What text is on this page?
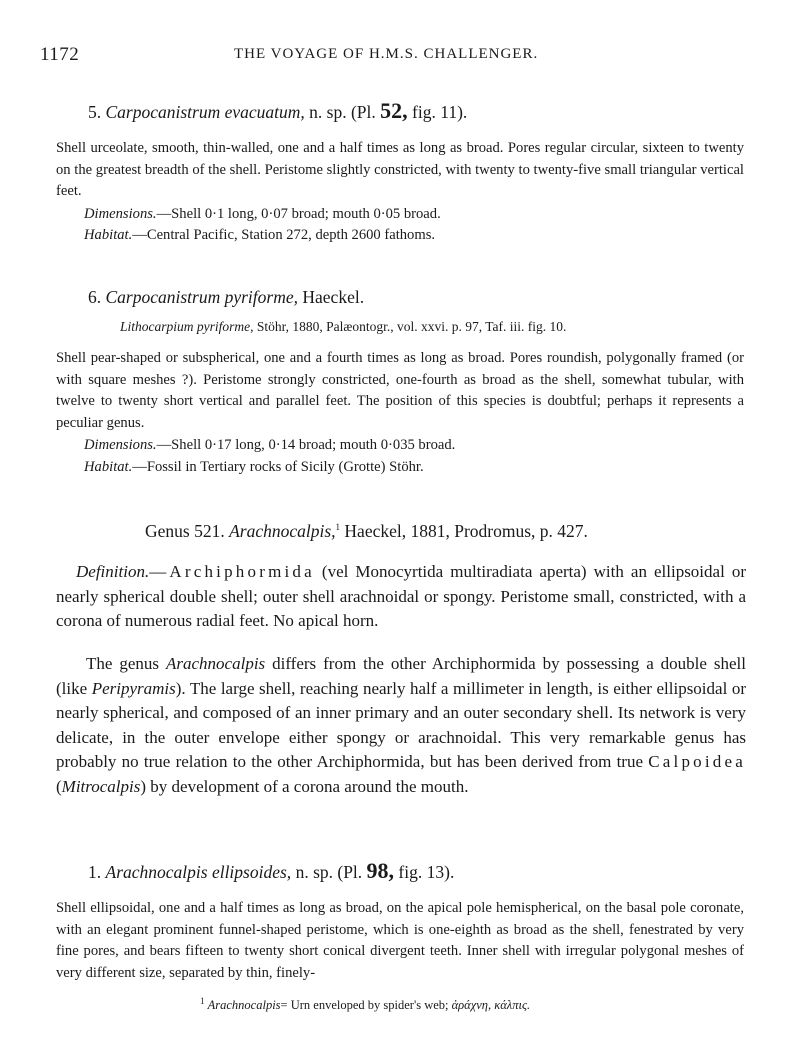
1172	THE VOYAGE OF H.M.S. CHALLENGER.
5. Carpocanistrum evacuatum, n. sp. (Pl. 52, fig. 11).
Shell urceolate, smooth, thin-walled, one and a half times as long as broad. Pores regular circular, sixteen to twenty on the greatest breadth of the shell. Peristome slightly constricted, with twenty to twenty-five small triangular vertical feet.
Dimensions.—Shell 0·1 long, 0·07 broad; mouth 0·05 broad.
Habitat.—Central Pacific, Station 272, depth 2600 fathoms.
6. Carpocanistrum pyriforme, Haeckel.
Lithocarpium pyriforme, Stöhr, 1880, Palæontogr., vol. xxvi. p. 97, Taf. iii. fig. 10.
Shell pear-shaped or subspherical, one and a fourth times as long as broad. Pores roundish, polygonally framed (or with square meshes ?). Peristome strongly constricted, one-fourth as broad as the shell, somewhat tubular, with twelve to twenty short vertical and parallel feet. The position of this species is doubtful; perhaps it represents a peculiar genus.
Dimensions.—Shell 0·17 long, 0·14 broad; mouth 0·035 broad.
Habitat.—Fossil in Tertiary rocks of Sicily (Grotte) Stöhr.
Genus 521. Arachnocalpis,$^1$ Haeckel, 1881, Prodromus, p. 427.
Definition.—Archiphormida (vel Monocyrtida multiradiata aperta) with an ellipsoidal or nearly spherical double shell; outer shell arachnoidal or spongy. Peristome small, constricted, with a corona of numerous radial feet. No apical horn.
The genus Arachnocalpis differs from the other Archiphormida by possessing a double shell (like Peripyramis). The large shell, reaching nearly half a millimeter in length, is either ellipsoidal or nearly spherical, and composed of an inner primary and an outer secondary shell. Its network is very delicate, in the outer envelope either spongy or arachnoidal. This very remarkable genus has probably no true relation to the other Archiphormida, but has been derived from true Calpoidea (Mitrocalpis) by development of a corona around the mouth.
1. Arachnocalpis ellipsoides, n. sp. (Pl. 98, fig. 13).
Shell ellipsoidal, one and a half times as long as broad, on the apical pole hemispherical, on the basal pole coronate, with an elegant prominent funnel-shaped peristome, which is one-eighth as broad as the shell, fenestrated by very fine pores, and bears fifteen to twenty short conical divergent teeth. Inner shell with irregular polygonal meshes of very different size, separated by thin, finely-
$^1$ Arachnocalpis= Urn enveloped by spider's web; ἀράχνη, κάλπις.
